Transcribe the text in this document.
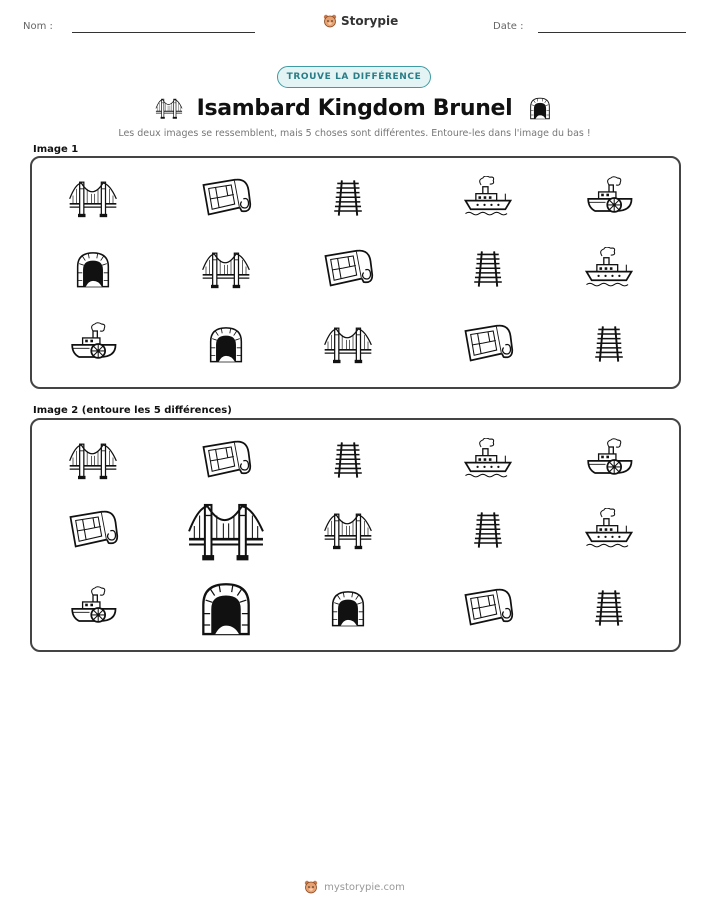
Nom :	Storypie	Date :
TROUVE LA DIFFÉRENCE
Isambard Kingdom Brunel
Les deux images se ressemblent, mais 5 choses sont différentes. Entoure-les dans l'image du bas !
Image 1
Image 2 (entoure les 5 différences)
mystorypie.com
